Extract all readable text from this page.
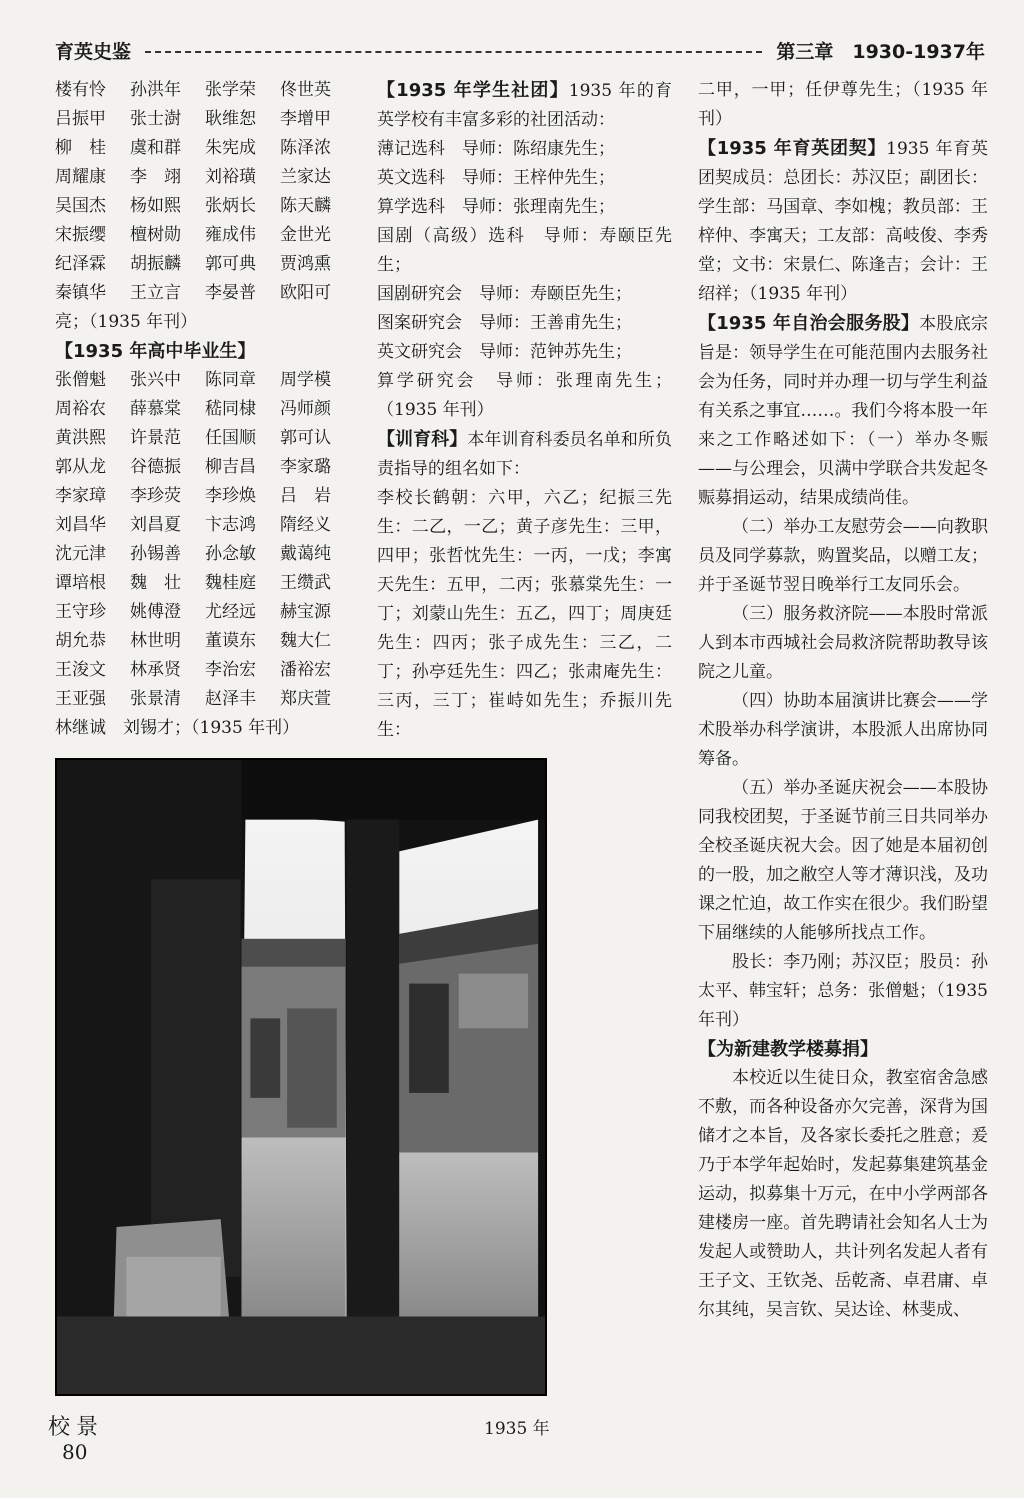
育英史鉴	第三章　1930-1937年
楼有怜	孙洪年	张学荣	佟世英
吕振甲	张士澍	耿维恕	李增甲
柳　桂	虞和群	朱宪成	陈泽浓
周耀康	李　翊	刘裕璜	兰家达
吴国杰	杨如熙	张炳长	陈天麟
宋振缨	檀树勋	雍成伟	金世光
纪泽霖	胡振麟	郭可典	贾鸿熏
秦镇华	王立言	李晏普	欧阳可

亮；（1935 年刊）

【1935 年高中毕业生】

张僧魁	张兴中	陈同章	周学模
周裕农	薛慕棠	嵇同棣	冯师颜
黄洪熙	许景范	任国顺	郭可认
郭从龙	谷德振	柳吉昌	李家璐
李家璋	李珍荧	李珍焕	吕　岩
刘昌华	刘昌夏	卞志鸿	隋经义
沈元津	孙锡善	孙念敏	戴蔼纯
谭培根	魏　壮	魏桂庭	王缵武
王守珍	姚傅澄	尤经远	赫宝源
胡允恭	林世明	董谟东	魏大仁
王浚文	林承贤	李治宏	潘裕宏
王亚强	张景清	赵泽丰	郑庆萱

林继诚　刘锡才；（1935 年刊）

【1935 年学生社团】1935 年的育英学校有丰富多彩的社团活动：

薄记选科　导师：陈绍康先生；

英文选科　导师：王梓仲先生；

算学选科　导师：张理南先生；

国剧（高级）选科　导师：寿颐臣先生；

国剧研究会　导师：寿颐臣先生；

图案研究会　导师：王善甫先生；

英文研究会　导师：范钟苏先生；

算学研究会　导师：张理南先生；（1935 年刊）

【训育科】本年训育科委员名单和所负责指导的组名如下：

李校长鹤朝：六甲，六乙；纪振三先生：二乙，一乙；黄子彦先生：三甲，四甲；张哲忱先生：一丙，一戊；李寓天先生：五甲，二丙；张慕棠先生：一丁；刘蒙山先生：五乙，四丁；周庚廷先生：四丙；张子成先生：三乙，二丁；孙亭廷先生：四乙；张肃庵先生：三丙，三丁；崔峙如先生；乔振川先生：

二甲，一甲；任伊尊先生；（1935 年刊）

【1935 年育英团契】1935 年育英团契成员：总团长：苏汉臣；副团长：学生部：马国章、李如槐；教员部：王梓仲、李寓天；工友部：高岐俊、李秀堂；文书：宋景仁、陈逢吉；会计：王绍祥；（1935 年刊）

【1935 年自治会服务股】本股底宗旨是：领导学生在可能范围内去服务社会为任务，同时并办理一切与学生利益有关系之事宜……。我们今将本股一年来之工作略述如下：（一）举办冬赈——与公理会，贝满中学联合共发起冬赈募捐运动，结果成绩尚佳。

（二）举办工友慰劳会——向教职员及同学募款，购置奖品，以赠工友；并于圣诞节翌日晚举行工友同乐会。

（三）服务救济院——本股时常派人到本市西城社会局救济院帮助教导该院之儿童。

（四）协助本届演讲比赛会——学术股举办科学演讲，本股派人出席协同筹备。

（五）举办圣诞庆祝会——本股协同我校团契，于圣诞节前三日共同举办全校圣诞庆祝大会。因了她是本届初创的一股，加之敝空人等才薄识浅，及功课之忙迫，故工作实在很少。我们盼望下届继续的人能够所找点工作。

股长：李乃刚；苏汉臣；股员：孙太平、韩宝轩；总务：张僧魁；（1935 年刊）

【为新建教学楼募捐】

本校近以生徒日众，教室宿舍急感不敷，而各种设备亦欠完善，深背为国储才之本旨，及各家长委托之胜意；爰乃于本学年起始时，发起募集建筑基金运动，拟募集十万元，在中小学两部各建楼房一座。首先聘请社会知名人士为发起人或赞助人，共计列名发起人者有王子文、王钦尧、岳乾斋、卓君庸、卓尔其纯，吴言钦、吴达诠、林斐成、

校景	1935 年
80
